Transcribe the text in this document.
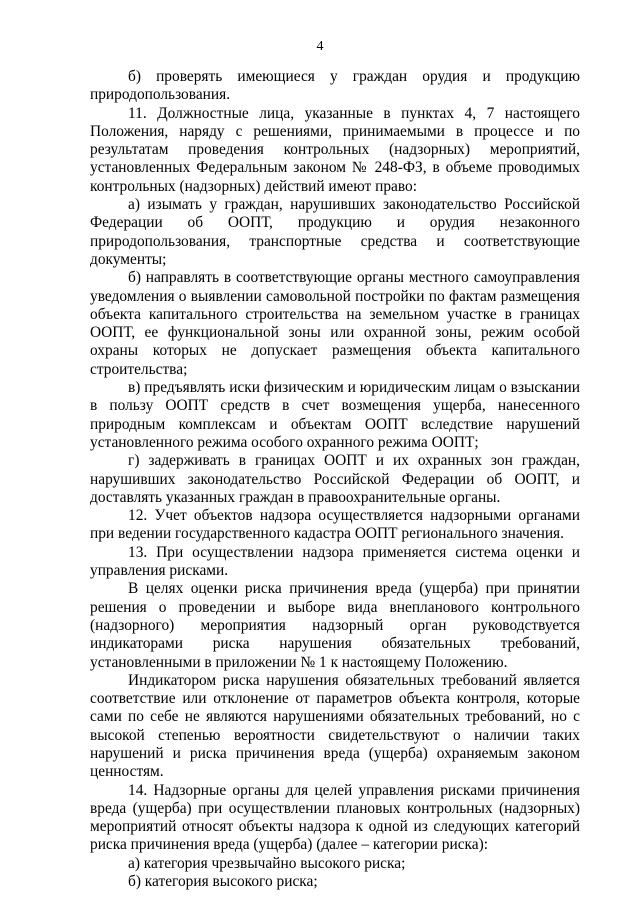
4

б) проверять имеющиеся у граждан орудия и продукцию природопользования.

11. Должностные лица, указанные в пунктах 4, 7 настоящего Положения, наряду с решениями, принимаемыми в процессе и по результатам проведения контрольных (надзорных) мероприятий, установленных Федеральным законом № 248-ФЗ, в объеме проводимых контрольных (надзорных) действий имеют право:

а) изымать у граждан, нарушивших законодательство Российской Федерации об ООПТ, продукцию и орудия незаконного природопользования, транспортные средства и соответствующие документы;

б) направлять в соответствующие органы местного самоуправления уведомления о выявлении самовольной постройки по фактам размещения объекта капитального строительства на земельном участке в границах ООПТ, ее функциональной зоны или охранной зоны, режим особой охраны которых не допускает размещения объекта капитального строительства;

в) предъявлять иски физическим и юридическим лицам о взыскании в пользу ООПТ средств в счет возмещения ущерба, нанесенного природным комплексам и объектам ООПТ вследствие нарушений установленного режима особого охранного режима ООПТ;

г) задерживать в границах ООПТ и их охранных зон граждан, нарушивших законодательство Российской Федерации об ООПТ, и доставлять указанных граждан в правоохранительные органы.

12. Учет объектов надзора осуществляется надзорными органами при ведении государственного кадастра ООПТ регионального значения.

13. При осуществлении надзора применяется система оценки и управления рисками.

В целях оценки риска причинения вреда (ущерба) при принятии решения о проведении и выборе вида внепланового контрольного (надзорного) мероприятия надзорный орган руководствуется индикаторами риска нарушения обязательных требований, установленными в приложении № 1 к настоящему Положению.

Индикатором риска нарушения обязательных требований является соответствие или отклонение от параметров объекта контроля, которые сами по себе не являются нарушениями обязательных требований, но с высокой степенью вероятности свидетельствуют о наличии таких нарушений и риска причинения вреда (ущерба) охраняемым законом ценностям.

14. Надзорные органы для целей управления рисками причинения вреда (ущерба) при осуществлении плановых контрольных (надзорных) мероприятий относят объекты надзора к одной из следующих категорий риска причинения вреда (ущерба) (далее – категории риска):

а) категория чрезвычайно высокого риска;

б) категория высокого риска;
